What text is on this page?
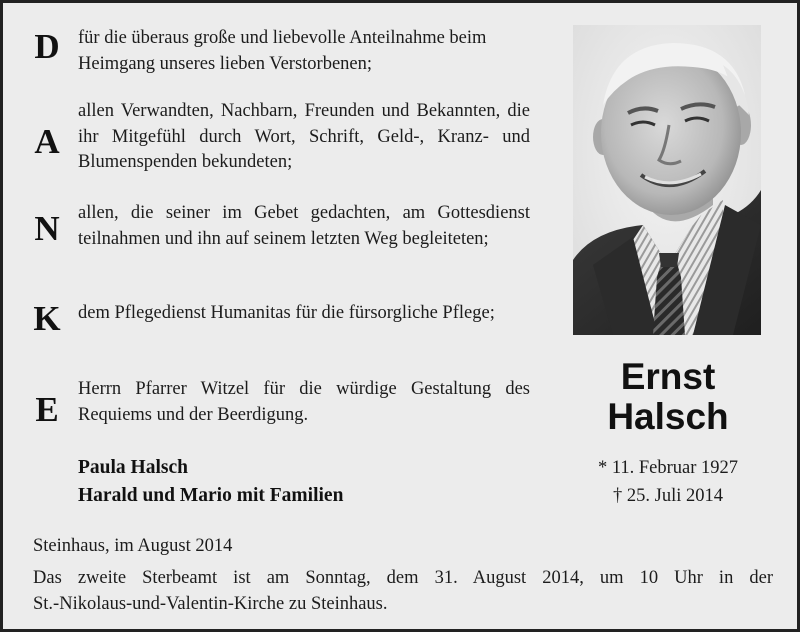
D
A
N
K
E
für die überaus große und liebevolle Anteilnahme beim Heimgang unseres lieben Verstorbenen;
allen Verwandten, Nachbarn, Freunden und Bekannten, die ihr Mitgefühl durch Wort, Schrift, Geld-, Kranz- und Blumenspenden bekundeten;
allen, die seiner im Gebet gedachten, am Gottesdienst teilnahmen und ihn auf seinem letzten Weg begleiteten;
dem Pflegedienst Humanitas für die fürsorgliche Pflege;
Herrn Pfarrer Witzel für die würdige Gestaltung des Requiems und der Beerdigung.
Paula Halsch
Harald und Mario mit Familien
Ernst
Halsch
* 11. Februar 1927
† 25. Juli 2014
Steinhaus, im August 2014
Das zweite Sterbeamt ist am Sonntag, dem 31. August 2014, um 10 Uhr in der
St.-Nikolaus-und-Valentin-Kirche zu Steinhaus.
